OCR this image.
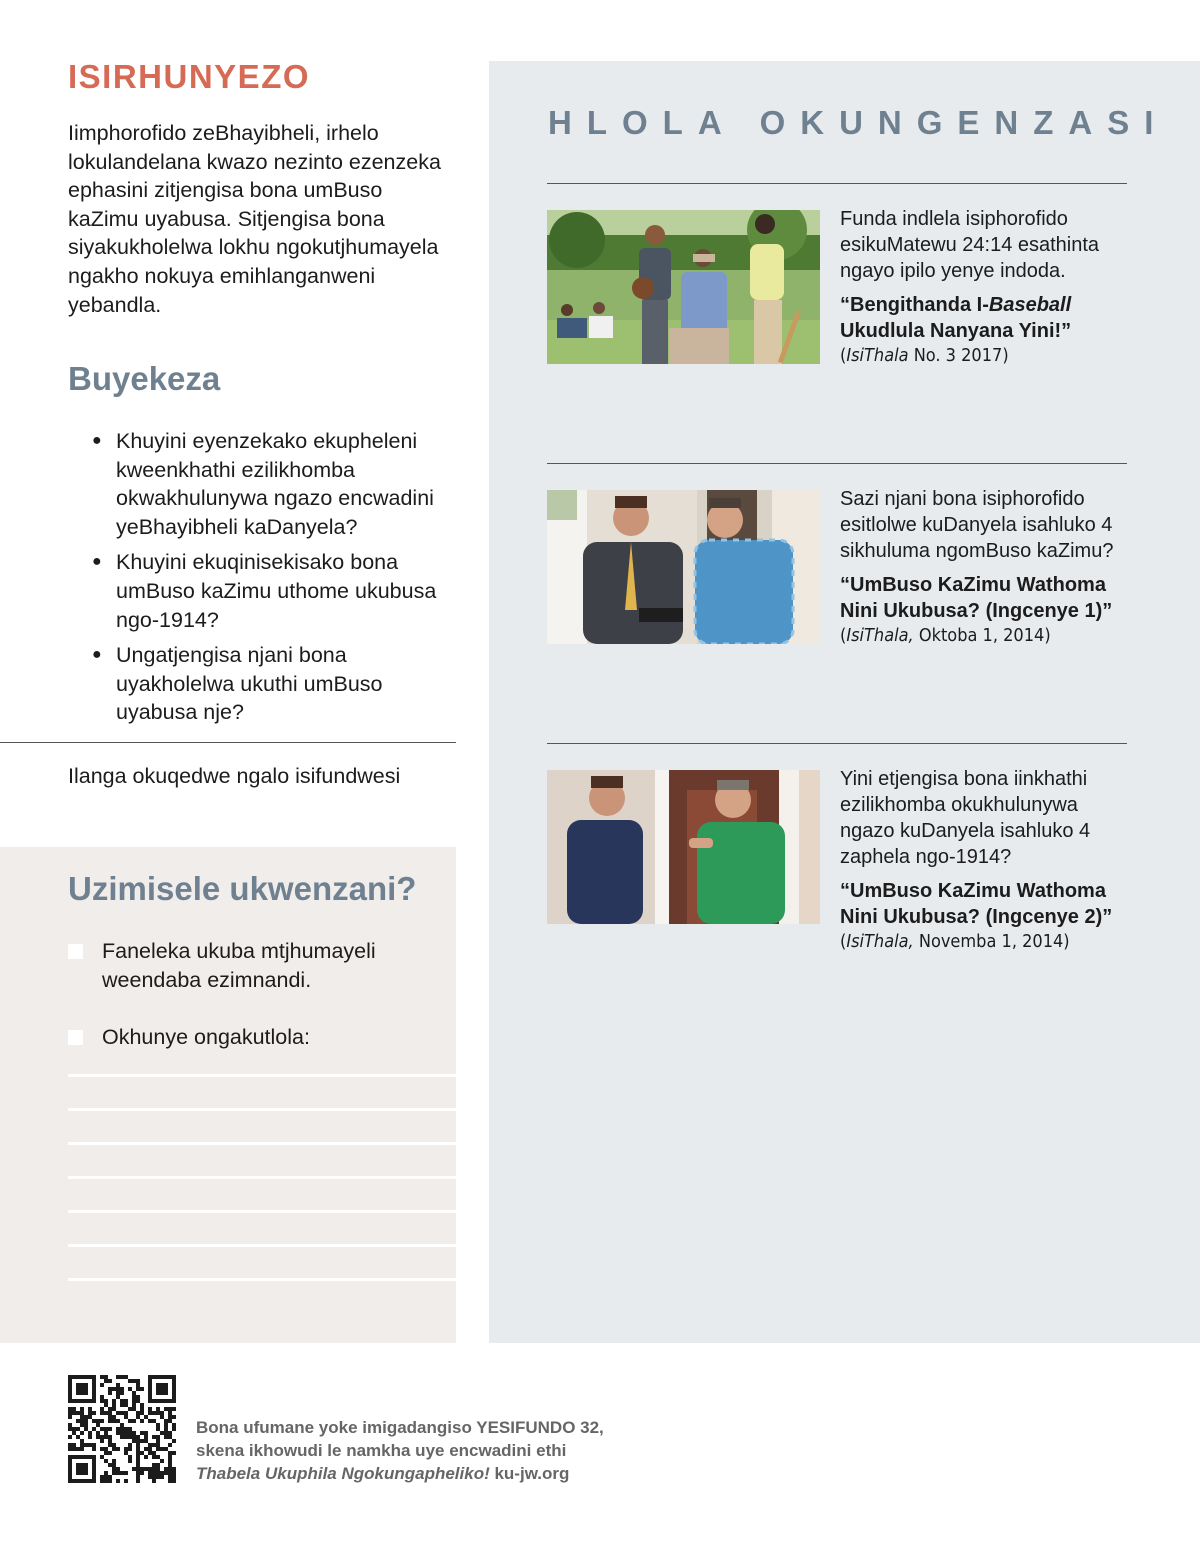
ISIRHUNYEZO

Iimphorofido zeBhayibheli, irhelo lokulandelana kwazo nezinto ezenzeka ephasini zitjengisa bona umBuso kaZimu uyabusa. Sitjengisa bona siyakukholelwa lokhu ngokutjhumayela ngakho nokuya emihlanganweni yebandla.

Buyekeza
● Khuyini eyenzekako ekupheleni kweenkhathi ezilikhomba okwakhulunywa ngazo encwadini yeBhayibheli kaDanyela?
● Khuyini ekuqinisekisako bona umBuso kaZimu uthome ukubusa ngo-1914?
● Ungatjengisa njani bona uyakholelwa ukuthi umBuso uyabusa nje?
Ilanga okuqedwe ngalo isifundwesi
Uzimisele ukwenzani?
Faneleka ukuba mtjhumayeli weendaba ezimnandi.
Okhunye ongakutlola:
HLOLA OKUNGENZASI
Funda indlela isiphorofido esikuMatewu 24:14 esathinta ngayo ipilo yenye indoda.
“Bengithanda I-Baseball Ukudlula Nanyana Yini!”
(IsiThala No. 3 2017)
Sazi njani bona isiphorofido esitlolwe kuDanyela isahluko 4 sikhuluma ngomBuso kaZimu?
“UmBuso KaZimu Wathoma Nini Ukubusa? (Ingcenye 1)”
(IsiThala, Oktoba 1, 2014)
Yini etjengisa bona iinkhathi ezilikhomba okukhulunywa ngazo kuDanyela isahluko 4 zaphela ngo-1914?
“UmBuso KaZimu Wathoma Nini Ukubusa? (Ingcenye 2)”
(IsiThala, Novemba 1, 2014)
Bona ufumane yoke imigadangiso YESIFUNDO 32,
skena ikhowudi le namkha uye encwadini ethi
Thabela Ukuphila Ngokungapheliko! ku-jw.org
